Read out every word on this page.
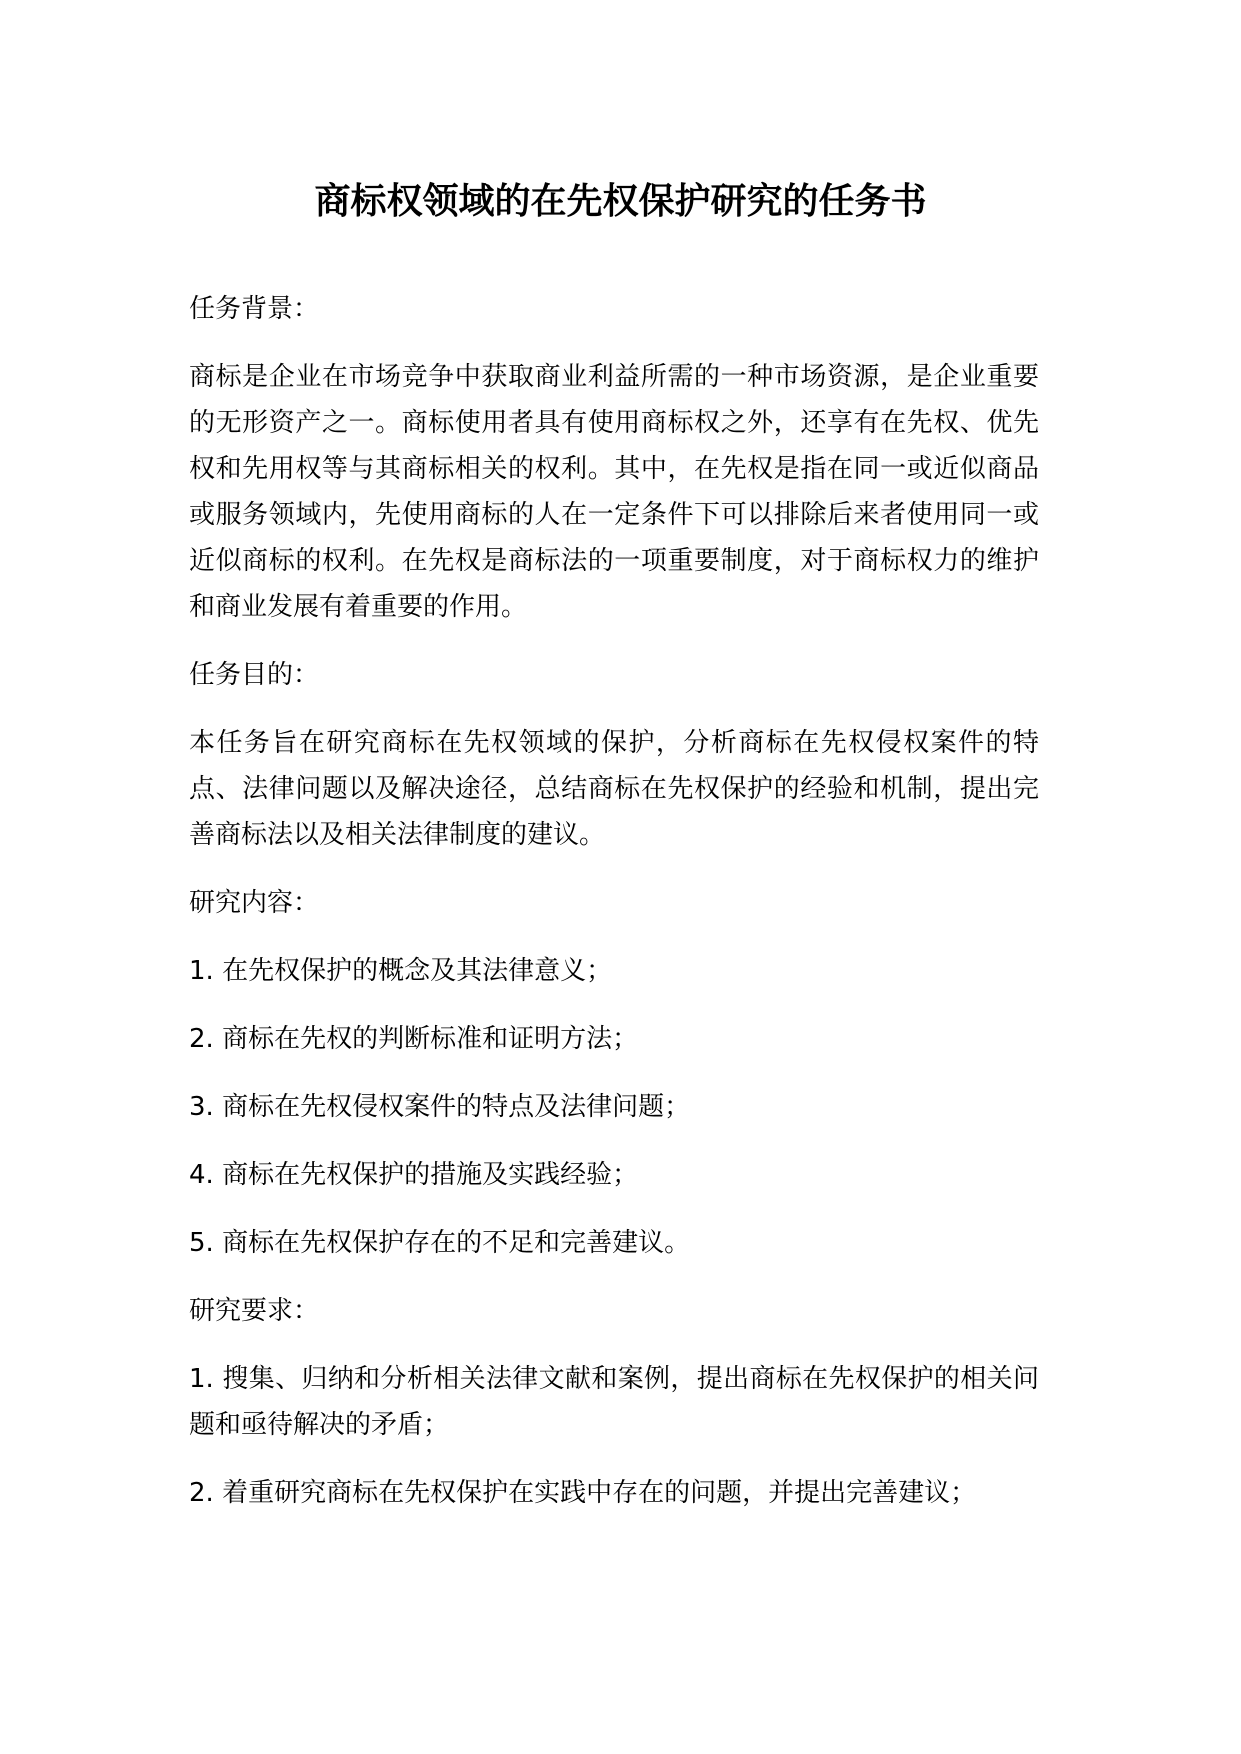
商标权领域的在先权保护研究的任务书

任务背景：

商标是企业在市场竞争中获取商业利益所需的一种市场资源，是企业重要的无形资产之一。商标使用者具有使用商标权之外，还享有在先权、优先权和先用权等与其商标相关的权利。其中，在先权是指在同一或近似商品或服务领域内，先使用商标的人在一定条件下可以排除后来者使用同一或近似商标的权利。在先权是商标法的一项重要制度，对于商标权力的维护和商业发展有着重要的作用。

任务目的：

本任务旨在研究商标在先权领域的保护，分析商标在先权侵权案件的特点、法律问题以及解决途径，总结商标在先权保护的经验和机制，提出完善商标法以及相关法律制度的建议。

研究内容：

1. 在先权保护的概念及其法律意义；

2. 商标在先权的判断标准和证明方法；

3. 商标在先权侵权案件的特点及法律问题；

4. 商标在先权保护的措施及实践经验；

5. 商标在先权保护存在的不足和完善建议。

研究要求：

1. 搜集、归纳和分析相关法律文献和案例，提出商标在先权保护的相关问题和亟待解决的矛盾；

2. 着重研究商标在先权保护在实践中存在的问题，并提出完善建议；
